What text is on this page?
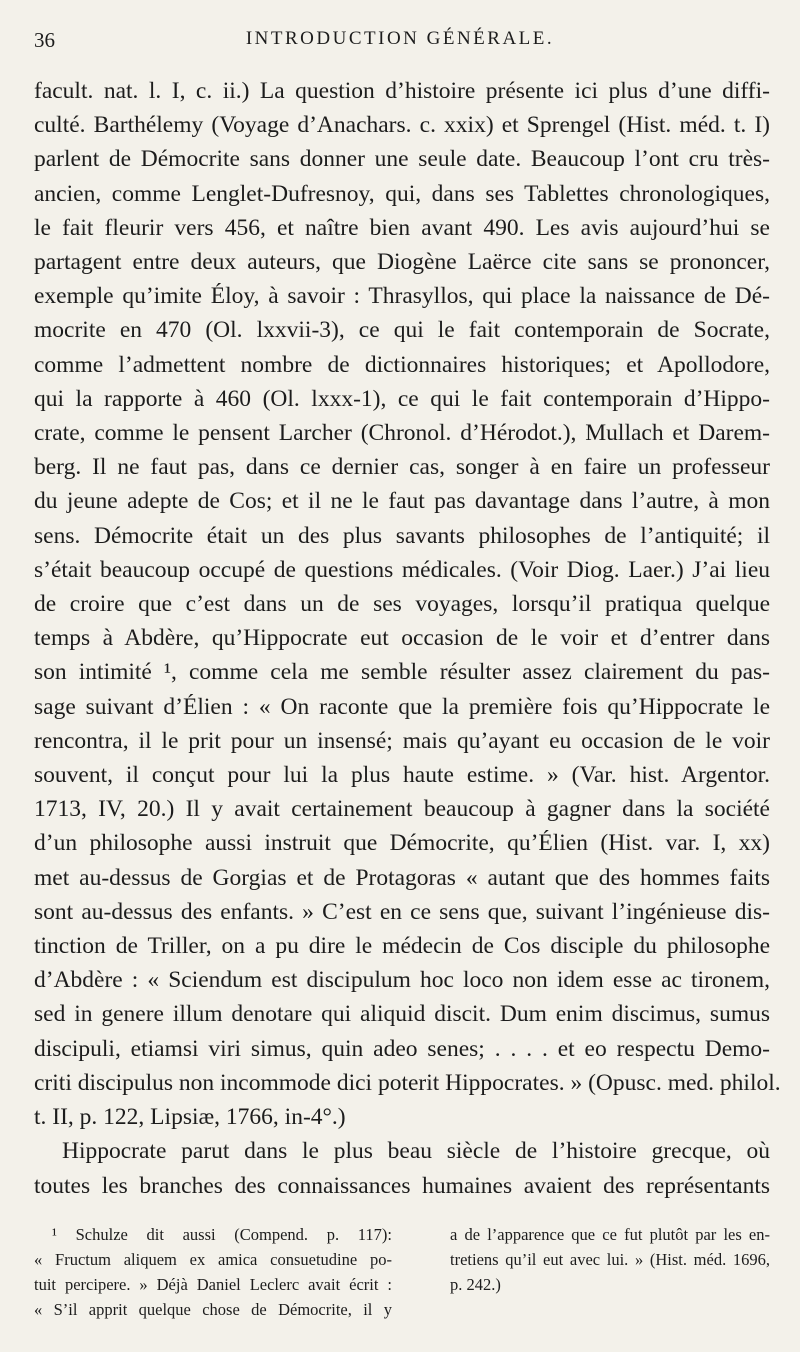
36	INTRODUCTION GÉNÉRALE.
facult. nat. l. I, c. ii.) La question d’histoire présente ici plus d’une diffi-
culté. Barthélemy (Voyage d’Anachars. c. xxix) et Sprengel (Hist. méd. t. I)
parlent de Démocrite sans donner une seule date. Beaucoup l’ont cru très-
ancien, comme Lenglet-Dufresnoy, qui, dans ses Tablettes chronologiques,
le fait fleurir vers 456, et naître bien avant 490. Les avis aujourd’hui se
partagent entre deux auteurs, que Diogène Laërce cite sans se prononcer,
exemple qu’imite Éloy, à savoir : Thrasyllos, qui place la naissance de Dé-
mocrite en 470 (Ol. lxxvii-3), ce qui le fait contemporain de Socrate,
comme l’admettent nombre de dictionnaires historiques; et Apollodore,
qui la rapporte à 460 (Ol. lxxx-1), ce qui le fait contemporain d’Hippo-
crate, comme le pensent Larcher (Chronol. d’Hérodot.), Mullach et Darem-
berg. Il ne faut pas, dans ce dernier cas, songer à en faire un professeur
du jeune adepte de Cos; et il ne le faut pas davantage dans l’autre, à mon
sens. Démocrite était un des plus savants philosophes de l’antiquité; il
s’était beaucoup occupé de questions médicales. (Voir Diog. Laer.) J’ai lieu
de croire que c’est dans un de ses voyages, lorsqu’il pratiqua quelque
temps à Abdère, qu’Hippocrate eut occasion de le voir et d’entrer dans
son intimité ¹, comme cela me semble résulter assez clairement du pas-
sage suivant d’Élien : « On raconte que la première fois qu’Hippocrate le
rencontra, il le prit pour un insensé; mais qu’ayant eu occasion de le voir
souvent, il conçut pour lui la plus haute estime. » (Var. hist. Argentor.
1713, IV, 20.) Il y avait certainement beaucoup à gagner dans la société
d’un philosophe aussi instruit que Démocrite, qu’Élien (Hist. var. I, xx)
met au-dessus de Gorgias et de Protagoras « autant que des hommes faits
sont au-dessus des enfants. » C’est en ce sens que, suivant l’ingénieuse dis-
tinction de Triller, on a pu dire le médecin de Cos disciple du philosophe
d’Abdère : « Sciendum est discipulum hoc loco non idem esse ac tironem,
sed in genere illum denotare qui aliquid discit. Dum enim discimus, sumus
discipuli, etiamsi viri simus, quin adeo senes; . . . . et eo respectu Demo-
criti discipulus non incommode dici poterit Hippocrates. » (Opusc. med. philol.
t. II, p. 122, Lipsiæ, 1766, in-4°.)
Hippocrate parut dans le plus beau siècle de l’histoire grecque, où
toutes les branches des connaissances humaines avaient des représentants
¹ Schulze dit aussi (Compend. p. 117):
« Fructum aliquem ex amica consuetudine po-
tuit percipere. » Déjà Daniel Leclerc avait écrit :
« S’il apprit quelque chose de Démocrite, il y
a de l’apparence que ce fut plutôt par les en-
tretiens qu’il eut avec lui. » (Hist. méd. 1696,
p. 242.)
